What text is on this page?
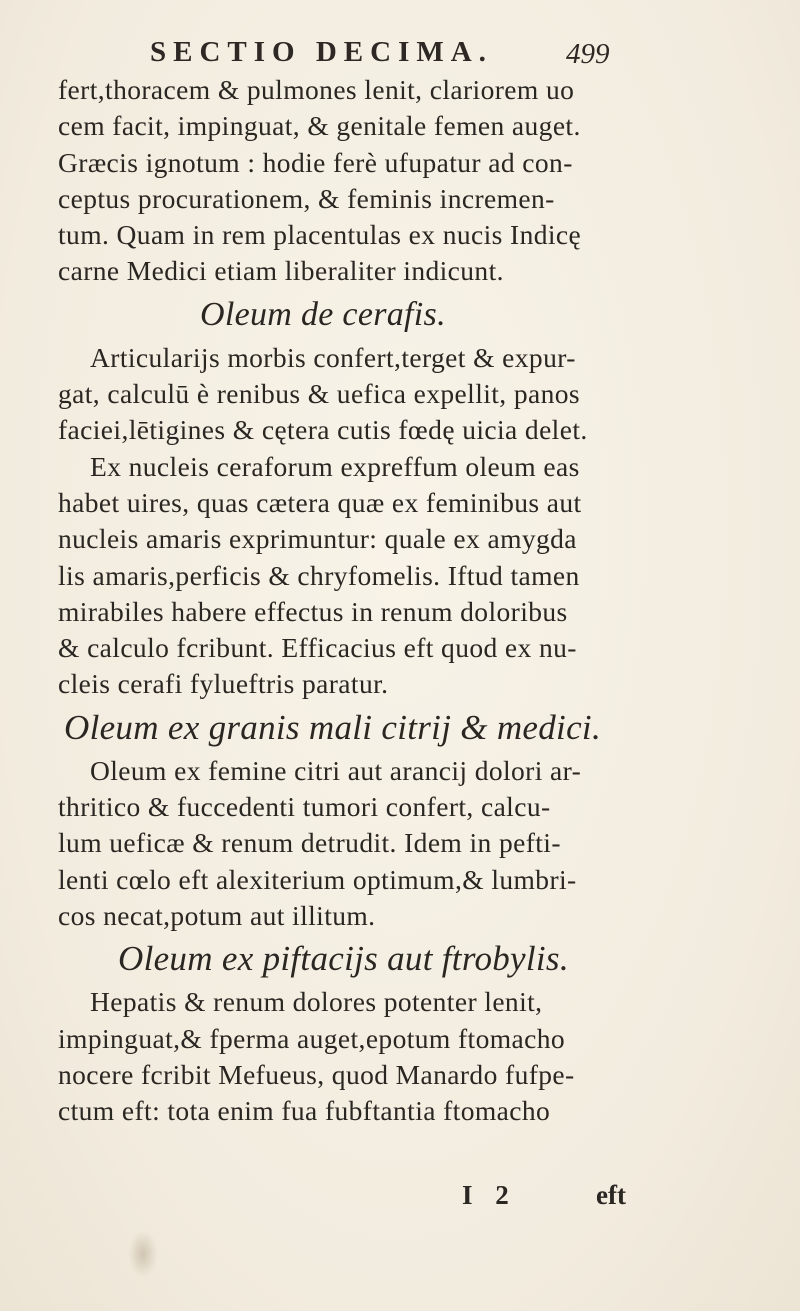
SECTIO DECIMA.	499
fert,thoracem & pulmones lenit, clariorem uo
cem facit, impinguat, & genitale femen auget.
Græcis ignotum : hodie ferè ufupatur ad con-
ceptus procurationem, & feminis incremen-
tum. Quam in rem placentulas ex nucis Indicę
carne Medici etiam liberaliter indicunt.
Oleum de cerafis.
Articularijs morbis confert,terget & expur-
gat, calculū è renibus & uefica expellit, panos
faciei,lētigines & cętera cutis fœdę uicia delet.
Ex nucleis ceraforum expreffum oleum eas
habet uires, quas cætera quæ ex feminibus aut
nucleis amaris exprimuntur: quale ex amygda
lis amaris,perficis & chryfomelis. Iftud tamen
mirabiles habere effectus in renum doloribus
& calculo fcribunt. Efficacius eft quod ex nu-
cleis cerafi fylueftris paratur.
Oleum ex granis mali citrij & medici.
Oleum ex femine citri aut arancij dolori ar-
thritico & fuccedenti tumori confert, calcu-
lum ueficæ & renum detrudit. Idem in pefti-
lenti cœlo eft alexiterium optimum,& lumbri-
cos necat,potum aut illitum.
Oleum ex piftacijs aut ftrobylis.
Hepatis & renum dolores potenter lenit,
impinguat,& fperma auget,epotum ftomacho
nocere fcribit Mefueus, quod Manardo fufpe-
ctum eft: tota enim fua fubftantia ftomacho
I 2	eft
